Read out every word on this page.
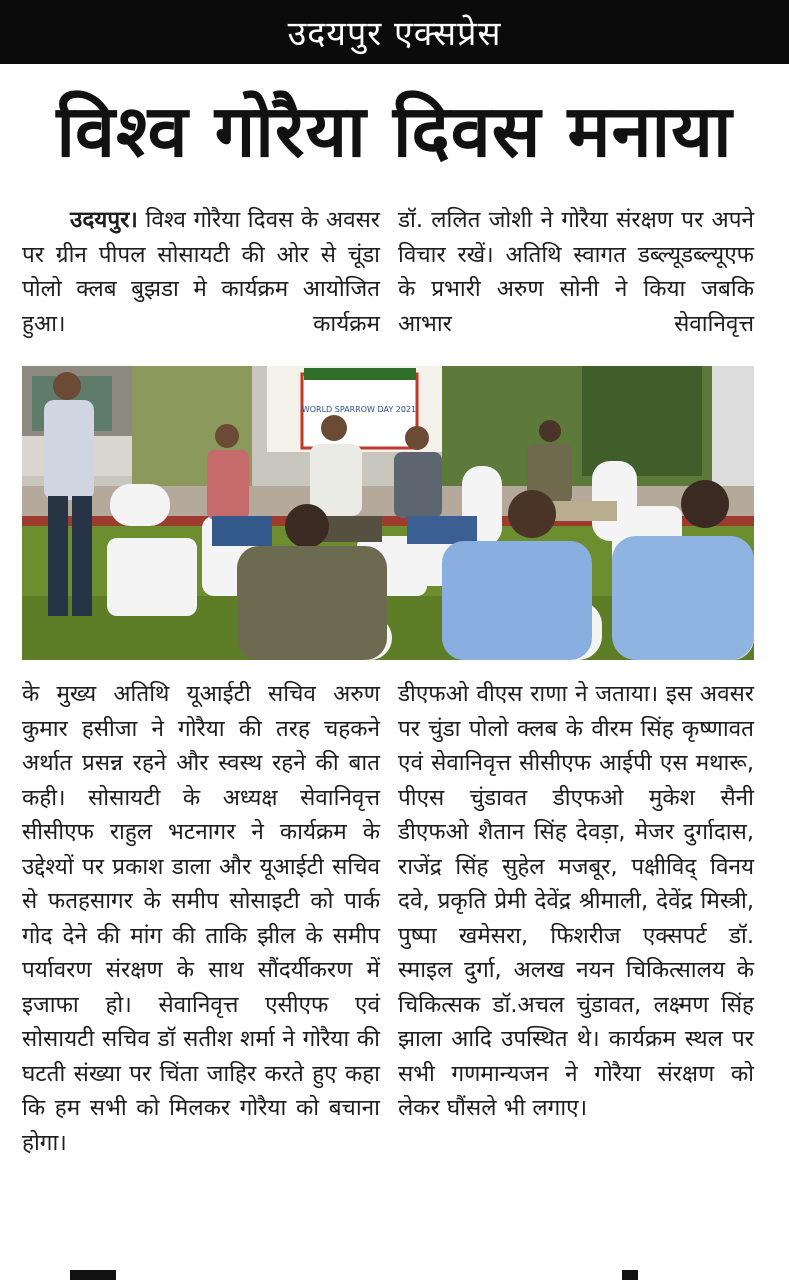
उदयपुर एक्सप्रेस
विश्व गोरैया दिवस मनाया

उदयपुर। विश्व गोरैया दिवस के अवसर पर ग्रीन पीपल सोसायटी की ओर से चूंडा पोलो क्लब बुझडा मे कार्यक्रम आयोजित हुआ। कार्यक्रम

डॉ. ललित जोशी ने गोरैया संरक्षण पर अपने विचार रखें। अतिथि स्वागत डब्ल्यूडब्ल्यूएफ के प्रभारी अरुण सोनी ने किया जबकि आभार सेवानिवृत्त

WORLD SPARROW DAY 2021

के मुख्य अतिथि यूआईटी सचिव अरुण कुमार हसीजा ने गोरैया की तरह चहकने अर्थात प्रसन्न रहने और स्वस्थ रहने की बात कही। सोसायटी के अध्यक्ष सेवानिवृत्त सीसीएफ राहुल भटनागर ने कार्यक्रम के उद्देश्यों पर प्रकाश डाला और यूआईटी सचिव से फतहसागर के समीप सोसाइटी को पार्क गोद देने की मांग की ताकि झील के समीप पर्यावरण संरक्षण के साथ सौंदर्यीकरण में इजाफा हो। सेवानिवृत्त एसीएफ एवं सोसायटी सचिव डॉ सतीश शर्मा ने गोरैया की घटती संख्या पर चिंता जाहिर करते हुए कहा कि हम सभी को मिलकर गोरैया को बचाना होगा।

डीएफओ वीएस राणा ने जताया। इस अवसर पर चुंडा पोलो क्लब के वीरम सिंह कृष्णावत एवं सेवानिवृत्त सीसीएफ आईपी एस मथारू, पीएस चुंडावत डीएफओ मुकेश सैनी डीएफओ शैतान सिंह देवड़ा, मेजर दुर्गादास, राजेंद्र सिंह सुहेल मजबूर, पक्षीविद् विनय दवे, प्रकृति प्रेमी देवेंद्र श्रीमाली, देवेंद्र मिस्त्री, पुष्पा खमेसरा, फिशरीज एक्सपर्ट डॉ. स्माइल दुर्गा, अलख नयन चिकित्सालय के चिकित्सक डॉ.अचल चुंडावत, लक्ष्मण सिंह झाला आदि उपस्थित थे। कार्यक्रम स्थल पर सभी गणमान्यजन ने गोरैया संरक्षण को लेकर घौंसले भी लगाए।
